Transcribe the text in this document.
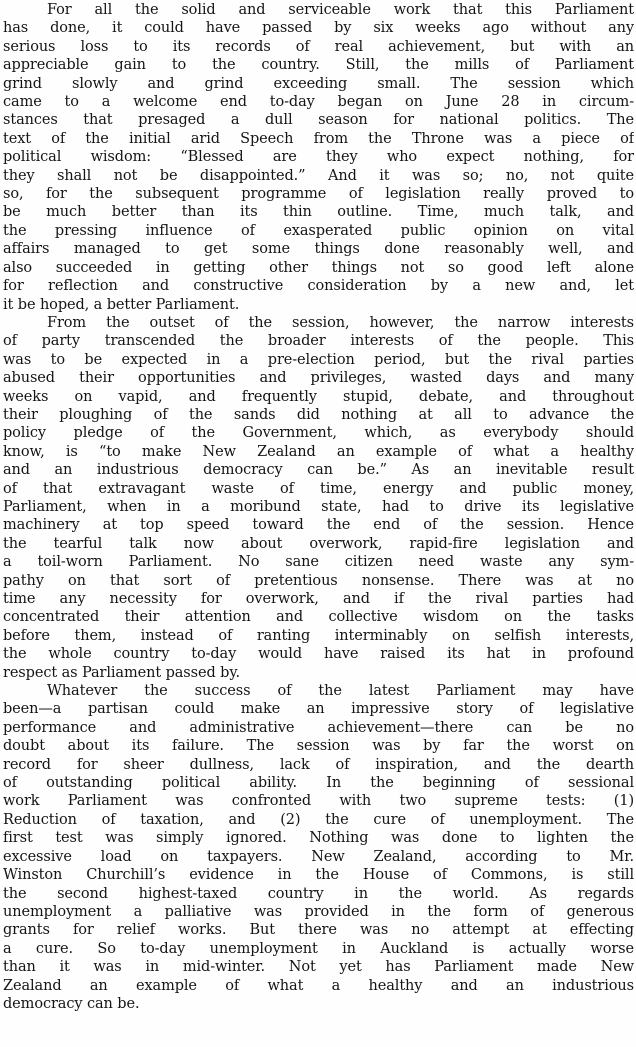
For all the solid and serviceable work that this Parliament
has done, it could have passed by six weeks ago without any
serious loss to its records of real achievement, but with an
appreciable gain to the country. Still, the mills of Parliament
grind slowly and grind exceeding small. The session which
came to a welcome end to-day began on June 28 in circum-
stances that presaged a dull season for national politics. The
text of the initial arid Speech from the Throne was a piece of
political wisdom: “Blessed are they who expect nothing, for
they shall not be disappointed.” And it was so; no, not quite
so, for the subsequent programme of legislation really proved to
be much better than its thin outline. Time, much talk, and
the pressing influence of exasperated public opinion on vital
affairs managed to get some things done reasonably well, and
also succeeded in getting other things not so good left alone
for reflection and constructive consideration by a new and, let
it be hoped, a better Parliament.

From the outset of the session, however, the narrow interests
of party transcended the broader interests of the people. This
was to be expected in a pre-election period, but the rival parties
abused their opportunities and privileges, wasted days and many
weeks on vapid, and frequently stupid, debate, and throughout
their ploughing of the sands did nothing at all to advance the
policy pledge of the Government, which, as everybody should
know, is “to make New Zealand an example of what a healthy
and an industrious democracy can be.” As an inevitable result
of that extravagant waste of time, energy and public money,
Parliament, when in a moribund state, had to drive its legislative
machinery at top speed toward the end of the session. Hence
the tearful talk now about overwork, rapid-fire legislation and
a toil-worn Parliament. No sane citizen need waste any sym-
pathy on that sort of pretentious nonsense. There was at no
time any necessity for overwork, and if the rival parties had
concentrated their attention and collective wisdom on the tasks
before them, instead of ranting interminably on selfish interests,
the whole country to-day would have raised its hat in profound
respect as Parliament passed by.

Whatever the success of the latest Parliament may have
been—a partisan could make an impressive story of legislative
performance and administrative achievement—there can be no
doubt about its failure. The session was by far the worst on
record for sheer dullness, lack of inspiration, and the dearth
of outstanding political ability. In the beginning of sessional
work Parliament was confronted with two supreme tests: (1)
Reduction of taxation, and (2) the cure of unemployment. The
first test was simply ignored. Nothing was done to lighten the
excessive load on taxpayers. New Zealand, according to Mr.
Winston Churchill’s evidence in the House of Commons, is still
the second highest-taxed country in the world. As regards
unemployment a palliative was provided in the form of generous
grants for relief works. But there was no attempt at effecting
a cure. So to-day unemployment in Auckland is actually worse
than it was in mid-winter. Not yet has Parliament made New
Zealand an example of what a healthy and an industrious
democracy can be.
